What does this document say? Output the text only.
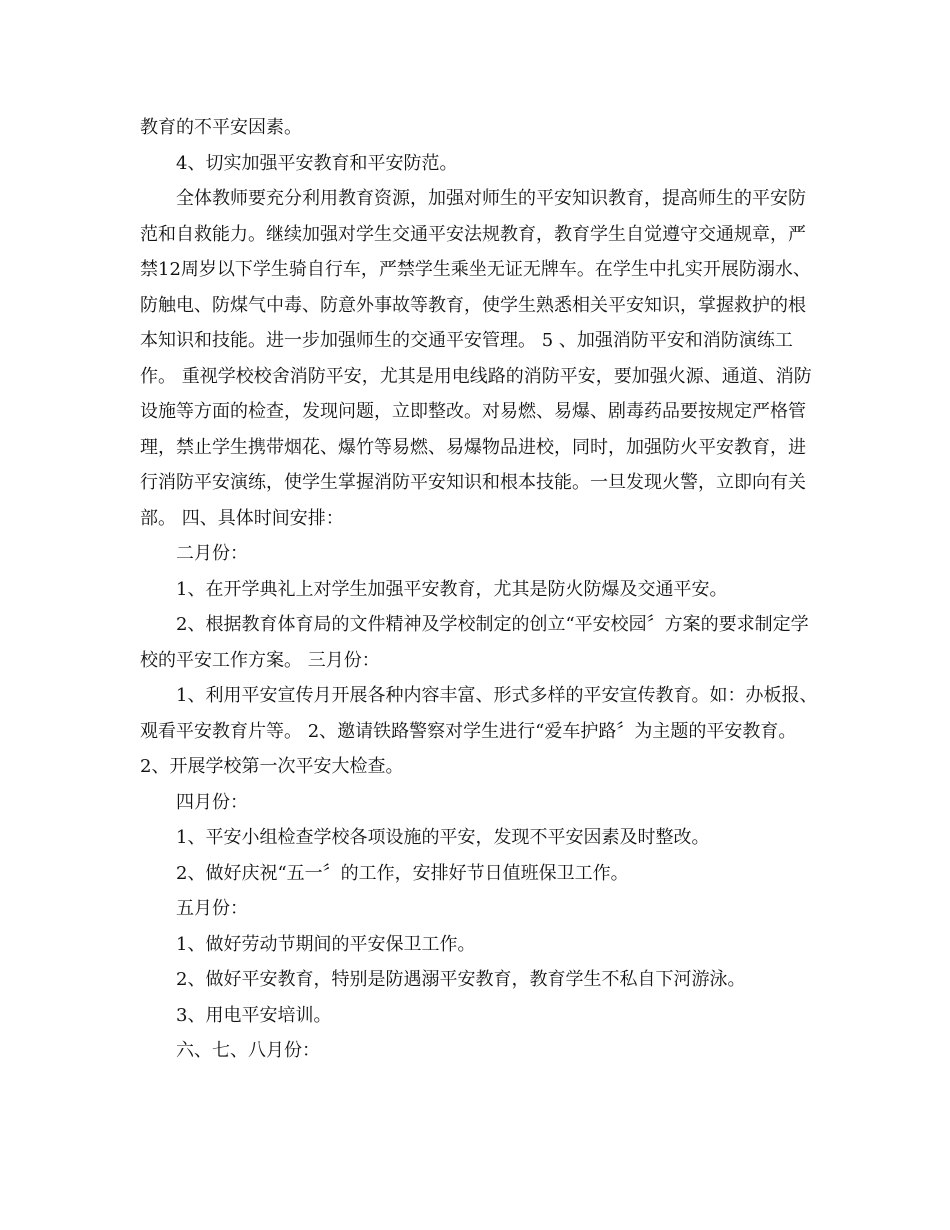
教育的不平安因素。

4、切实加强平安教育和平安防范。

全体教师要充分利用教育资源，加强对师生的平安知识教育，提高师生的平安防范和自救能力。继续加强对学生交通平安法规教育，教育学生自觉遵守交通规章，严禁12周岁以下学生骑自行车，严禁学生乘坐无证无牌车。在学生中扎实开展防溺水、防触电、防煤气中毒、防意外事故等教育，使学生熟悉相关平安知识，掌握救护的根本知识和技能。进一步加强师生的交通平安管理。 5 、加强消防平安和消防演练工作。 重视学校校舍消防平安，尤其是用电线路的消防平安，要加强火源、通道、消防设施等方面的检查，发现问题，立即整改。对易燃、易爆、剧毒药品要按规定严格管理，禁止学生携带烟花、爆竹等易燃、易爆物品进校，同时，加强防火平安教育，进行消防平安演练，使学生掌握消防平安知识和根本技能。一旦发现火警，立即向有关部。 四、具体时间安排：

二月份：

1、在开学典礼上对学生加强平安教育，尤其是防火防爆及交通平安。

2、根据教育体育局的文件精神及学校制定的创立“平安校园〞方案的要求制定学校的平安工作方案。 三月份：

1、利用平安宣传月开展各种内容丰富、形式多样的平安宣传教育。如：办板报、观看平安教育片等。 2、邀请铁路警察对学生进行“爱车护路〞为主题的平安教育。 2、开展学校第一次平安大检查。

四月份：

1、平安小组检查学校各项设施的平安，发现不平安因素及时整改。

2、做好庆祝“五一〞的工作，安排好节日值班保卫工作。

五月份：

1、做好劳动节期间的平安保卫工作。

2、做好平安教育，特别是防遇溺平安教育，教育学生不私自下河游泳。

3、用电平安培训。

六、七、八月份：
